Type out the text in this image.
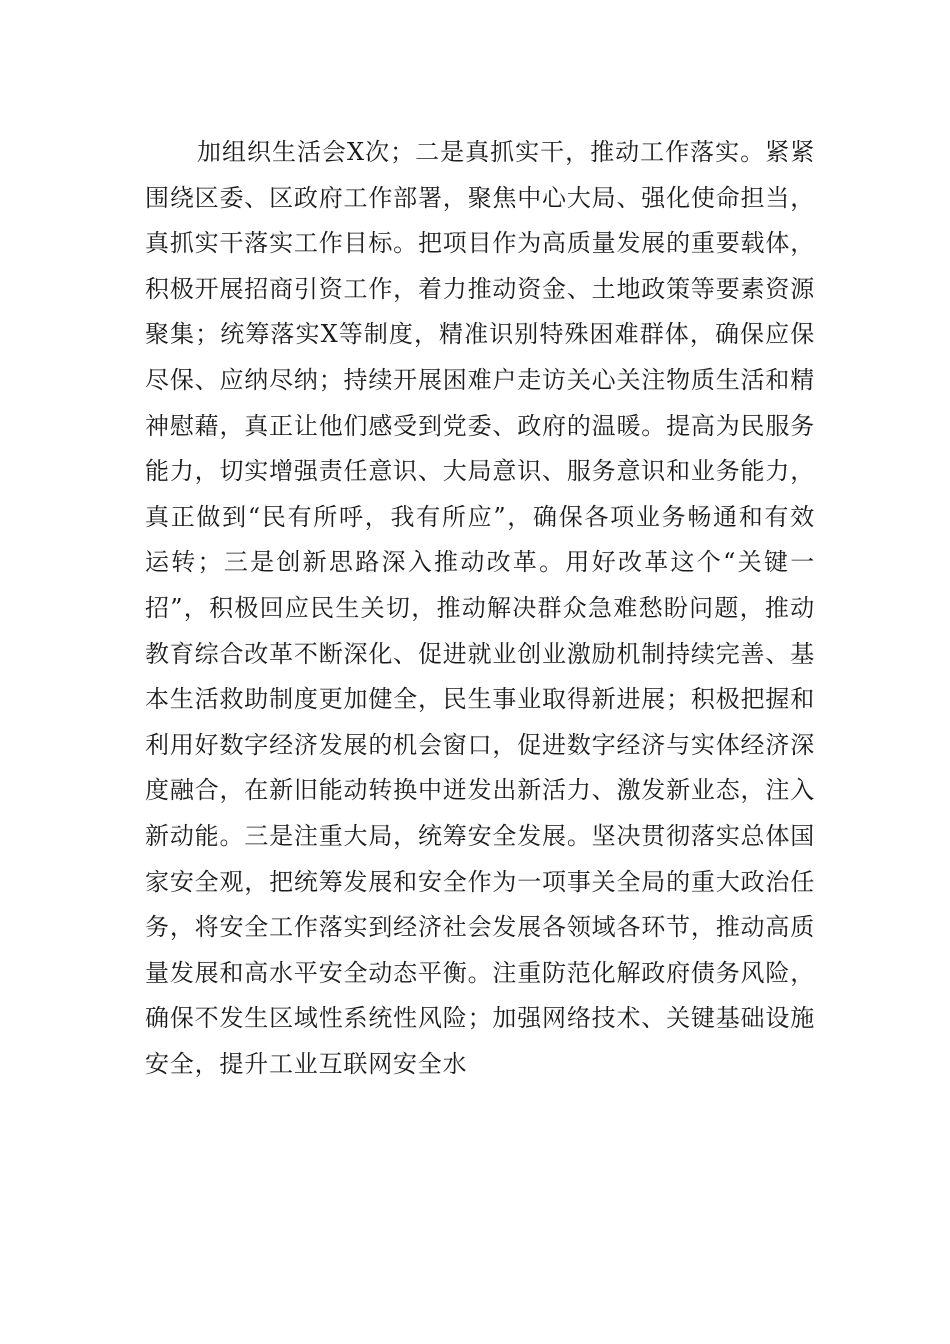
加组织生活会X次；二是真抓实干，推动工作落实。紧紧围绕区委、区政府工作部署，聚焦中心大局、强化使命担当，真抓实干落实工作目标。把项目作为高质量发展的重要载体，积极开展招商引资工作，着力推动资金、土地政策等要素资源聚集；统筹落实X等制度，精准识别特殊困难群体，确保应保尽保、应纳尽纳；持续开展困难户走访关心关注物质生活和精神慰藉，真正让他们感受到党委、政府的温暖。提高为民服务能力，切实增强责任意识、大局意识、服务意识和业务能力，真正做到“民有所呼，我有所应”，确保各项业务畅通和有效运转；三是创新思路深入推动改革。用好改革这个“关键一招”，积极回应民生关切，推动解决群众急难愁盼问题，推动教育综合改革不断深化、促进就业创业激励机制持续完善、基本生活救助制度更加健全，民生事业取得新进展；积极把握和利用好数字经济发展的机会窗口，促进数字经济与实体经济深度融合，在新旧能动转换中迸发出新活力、激发新业态，注入新动能。三是注重大局，统筹安全发展。坚决贯彻落实总体国家安全观，把统筹发展和安全作为一项事关全局的重大政治任务，将安全工作落实到经济社会发展各领域各环节，推动高质量发展和高水平安全动态平衡。注重防范化解政府债务风险，确保不发生区域性系统性风险；加强网络技术、关键基础设施安全，提升工业互联网安全水
